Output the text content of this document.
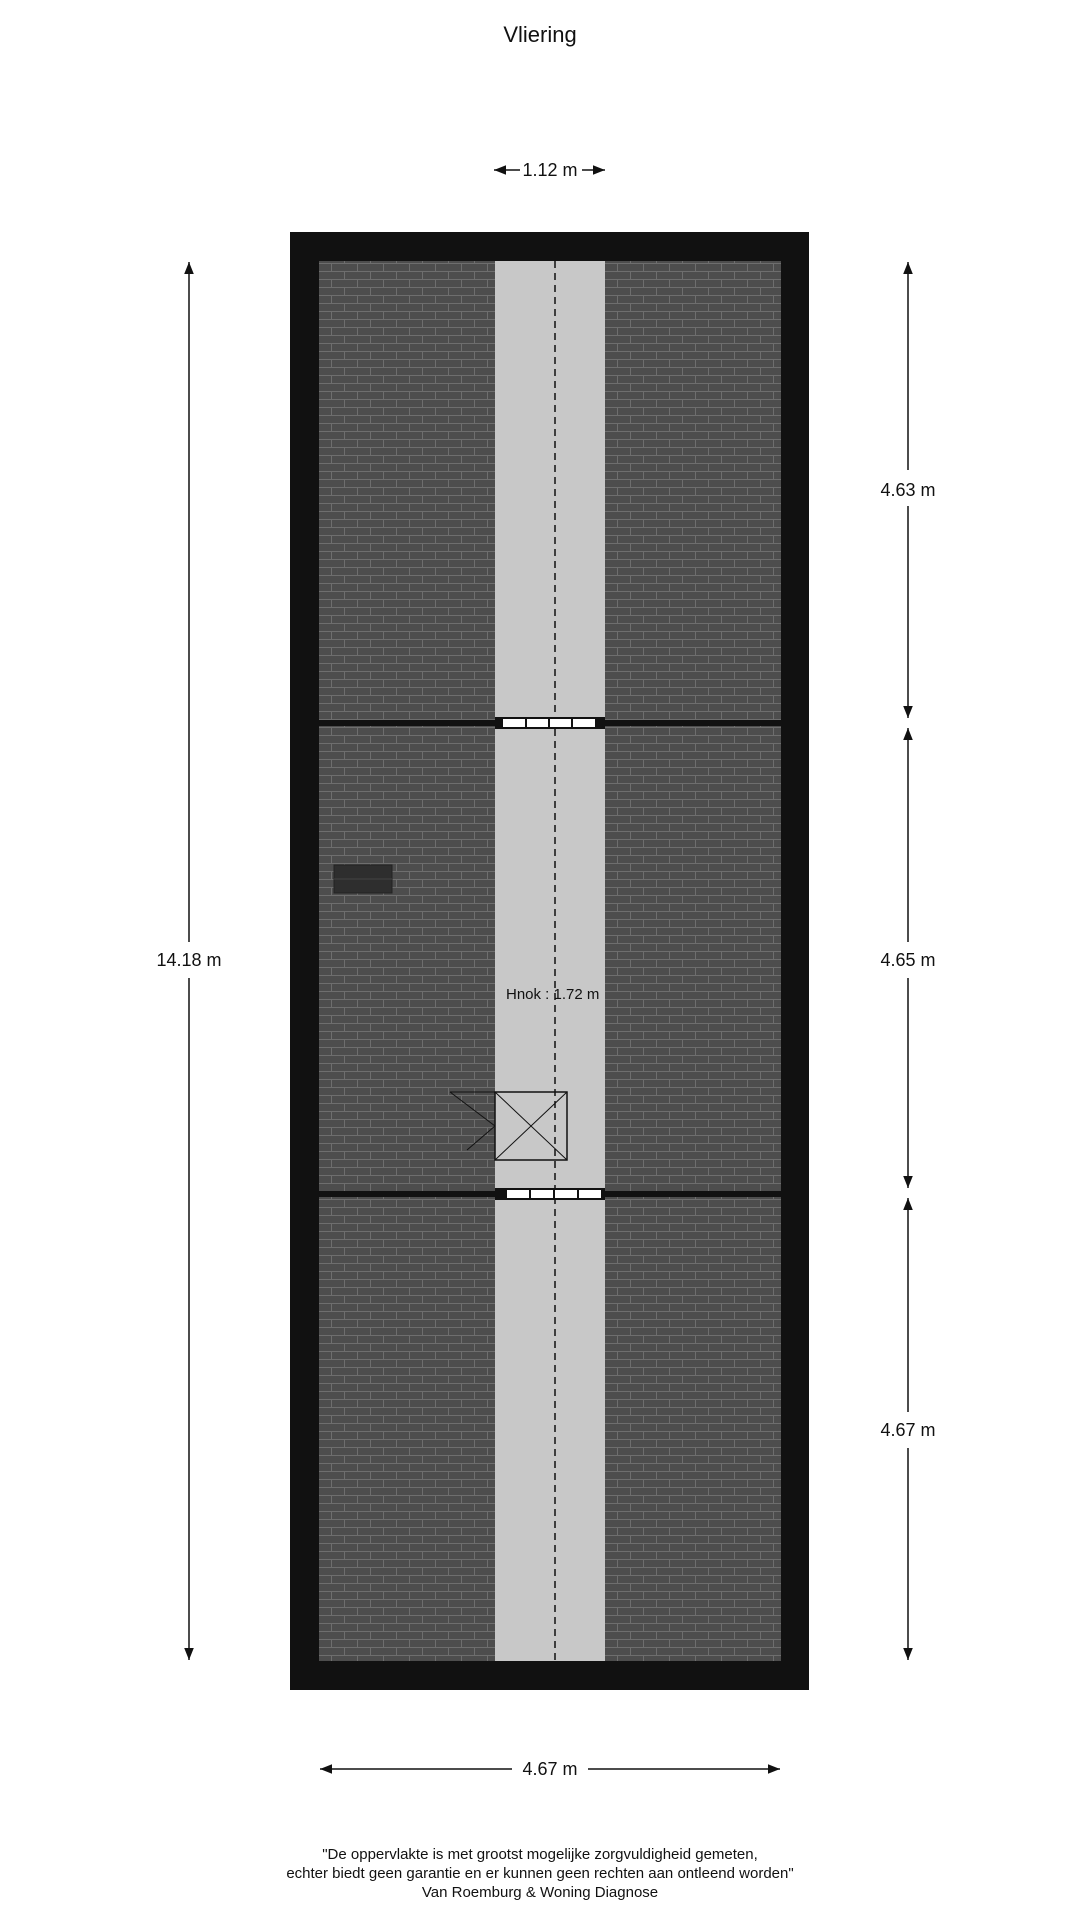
Vliering
1.12 m
Hnok : 1.72 m
14.18 m
4.63 m
4.65 m
4.67 m
4.67 m
"De oppervlakte is met grootst mogelijke zorgvuldigheid gemeten,
echter biedt geen garantie en er kunnen geen rechten aan ontleend worden"
Van Roemburg & Woning Diagnose
